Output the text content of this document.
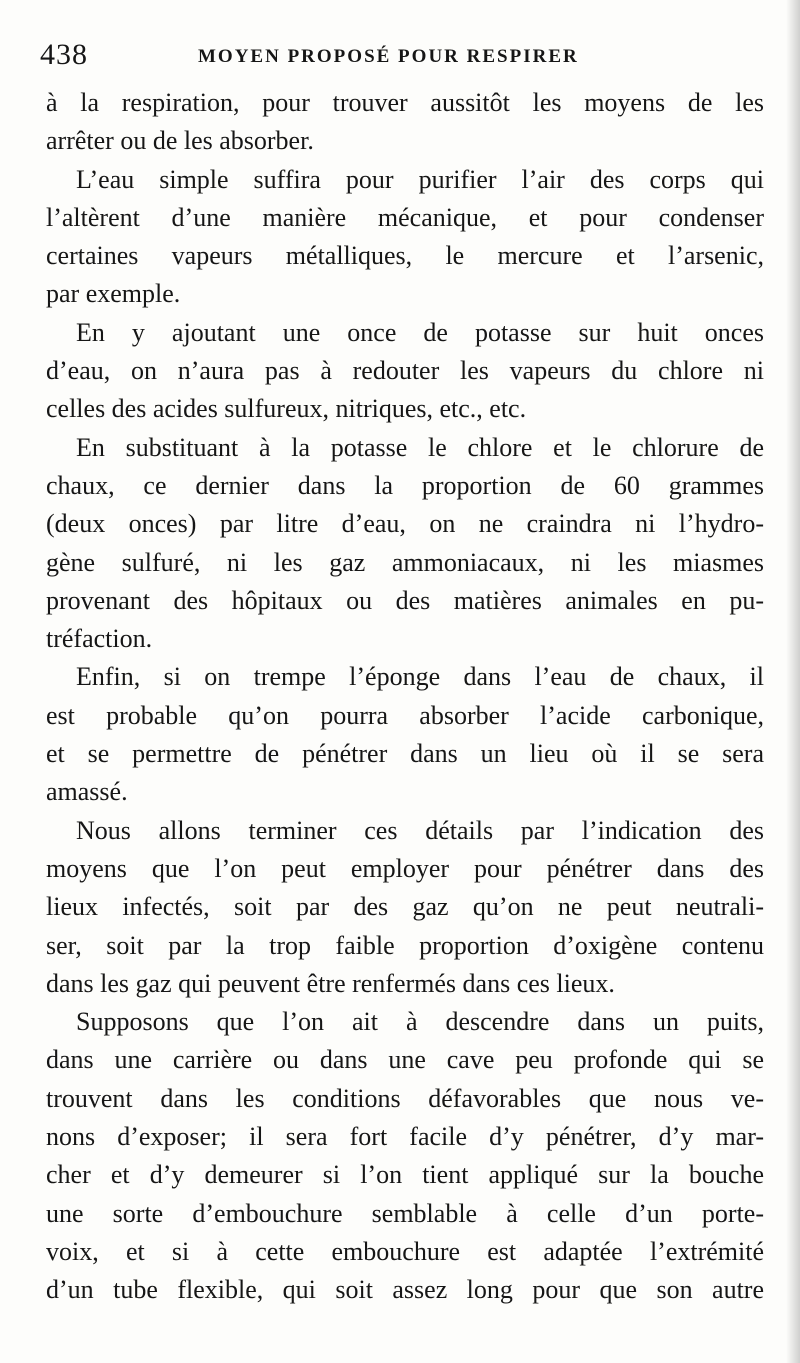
438	MOYEN PROPOSÉ POUR RESPIRER
à la respiration, pour trouver aussitôt les moyens de les
arrêter ou de les absorber.
L’eau simple suffira pour purifier l’air des corps qui
l’altèrent d’une manière mécanique, et pour condenser
certaines vapeurs métalliques, le mercure et l’arsenic,
par exemple.
En y ajoutant une once de potasse sur huit onces
d’eau, on n’aura pas à redouter les vapeurs du chlore ni
celles des acides sulfureux, nitriques, etc., etc.
En substituant à la potasse le chlore et le chlorure de
chaux, ce dernier dans la proportion de 60 grammes
(deux onces) par litre d’eau, on ne craindra ni l’hydro-
gène sulfuré, ni les gaz ammoniacaux, ni les miasmes
provenant des hôpitaux ou des matières animales en pu-
tréfaction.
Enfin, si on trempe l’éponge dans l’eau de chaux, il
est probable qu’on pourra absorber l’acide carbonique,
et se permettre de pénétrer dans un lieu où il se sera
amassé.
Nous allons terminer ces détails par l’indication des
moyens que l’on peut employer pour pénétrer dans des
lieux infectés, soit par des gaz qu’on ne peut neutrali-
ser, soit par la trop faible proportion d’oxigène contenu
dans les gaz qui peuvent être renfermés dans ces lieux.
Supposons que l’on ait à descendre dans un puits,
dans une carrière ou dans une cave peu profonde qui se
trouvent dans les conditions défavorables que nous ve-
nons d’exposer; il sera fort facile d’y pénétrer, d’y mar-
cher et d’y demeurer si l’on tient appliqué sur la bouche
une sorte d’embouchure semblable à celle d’un porte-
voix, et si à cette embouchure est adaptée l’extrémité
d’un tube flexible, qui soit assez long pour que son autre
